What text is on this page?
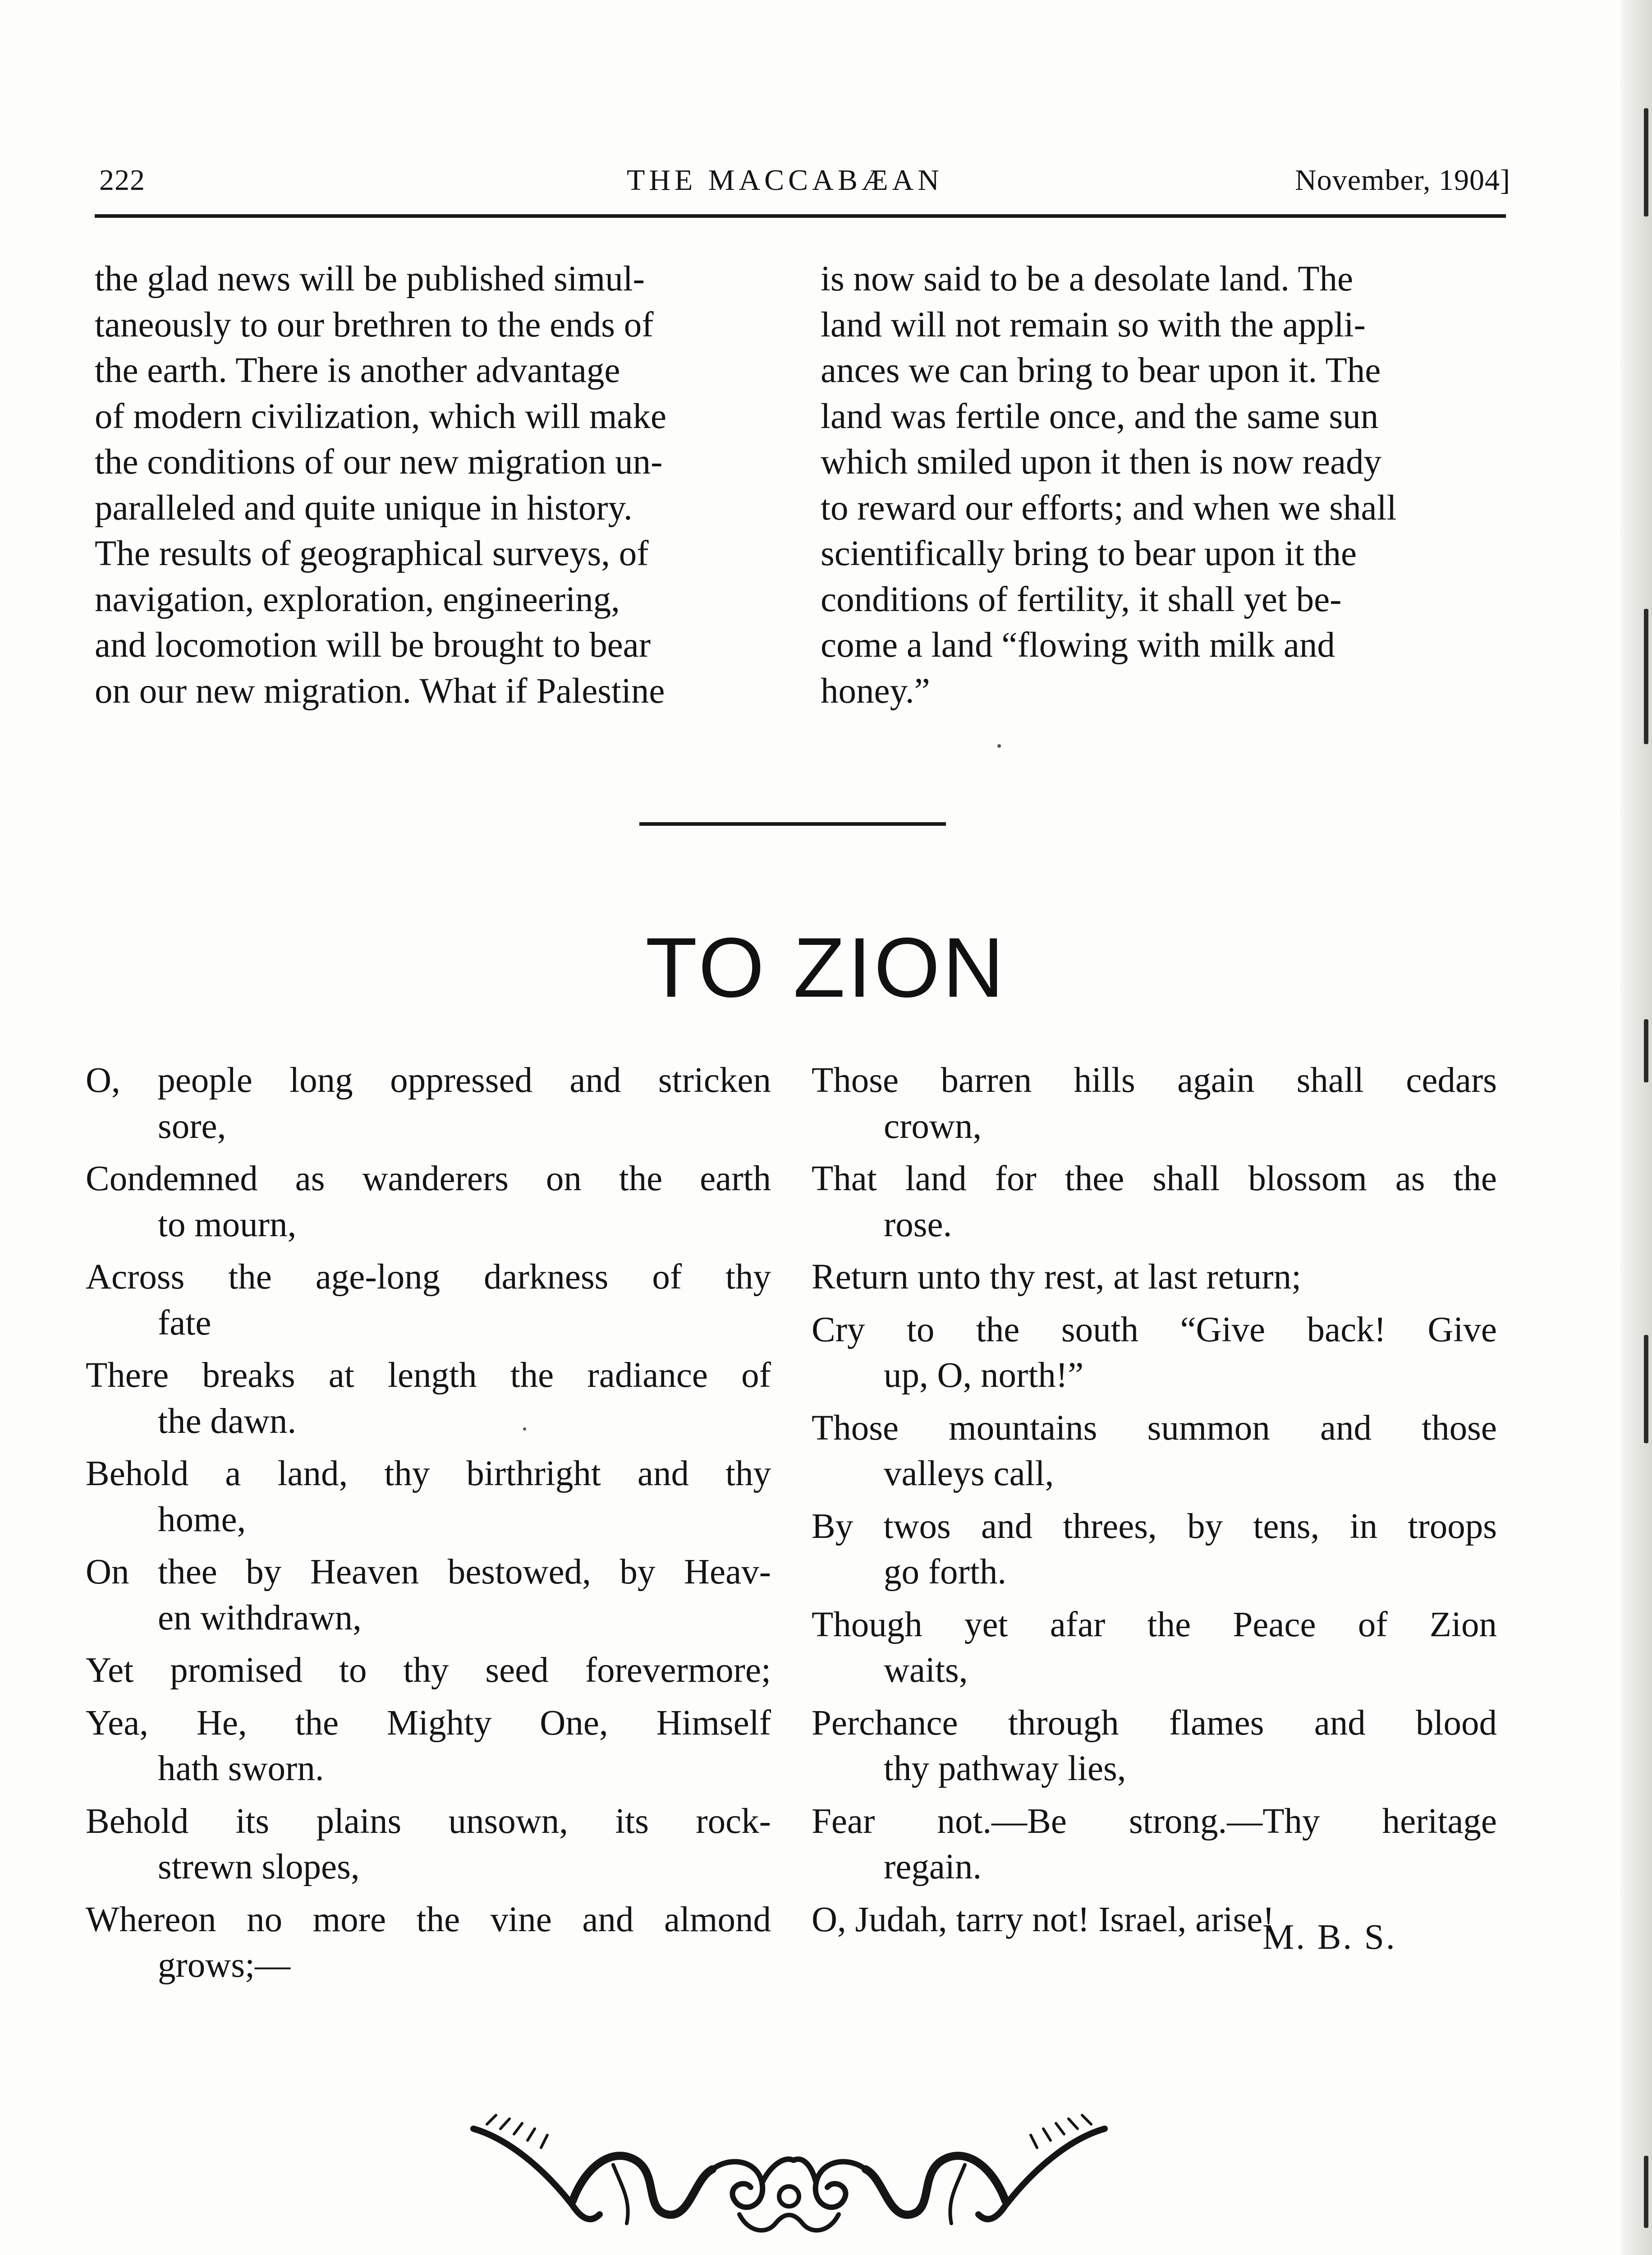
222	THE MACCABÆAN	November, 1904]
the glad news will be published simul-
taneously to our brethren to the ends of
the earth. There is another advantage
of modern civilization, which will make
the conditions of our new migration un-
paralleled and quite unique in history.
The results of geographical surveys, of
navigation, exploration, engineering,
and locomotion will be brought to bear
on our new migration. What if Palestine
is now said to be a desolate land. The
land will not remain so with the appli-
ances we can bring to bear upon it. The
land was fertile once, and the same sun
which smiled upon it then is now ready
to reward our efforts; and when we shall
scientifically bring to bear upon it the
conditions of fertility, it shall yet be-
come a land “flowing with milk and
honey.”
TO ZION
O, people long oppressed and stricken
sore,
Condemned as wanderers on the earth
to mourn,
Across the age-long darkness of thy
fate
There breaks at length the radiance of
the dawn.
Behold a land, thy birthright and thy
home,
On thee by Heaven bestowed, by Heav-
en withdrawn,
Yet promised to thy seed forevermore;
Yea, He, the Mighty One, Himself
hath sworn.
Behold its plains unsown, its rock-
strewn slopes,
Whereon no more the vine and almond
grows;—
Those barren hills again shall cedars
crown,
That land for thee shall blossom as the
rose.
Return unto thy rest, at last return;
Cry to the south “Give back! Give
up, O, north!”
Those mountains summon and those
valleys call,
By twos and threes, by tens, in troops
go forth.
Though yet afar the Peace of Zion
waits,
Perchance through flames and blood
thy pathway lies,
Fear not.—Be strong.—Thy heritage
regain.
O, Judah, tarry not! Israel, arise!
M. B. S.
